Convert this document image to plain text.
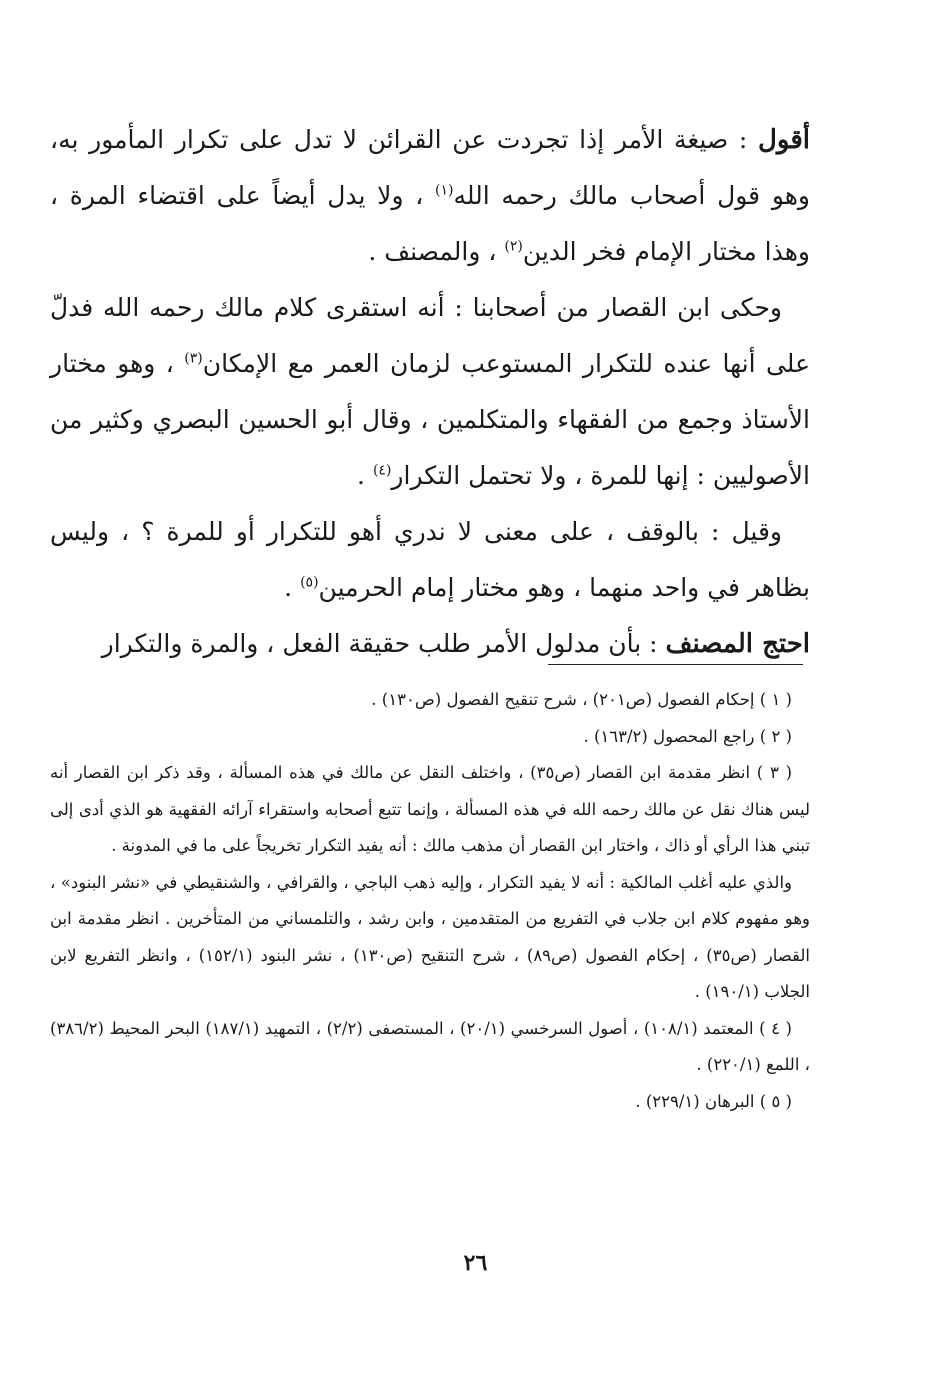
أقول : صيغة الأمر إذا تجردت عن القرائن لا تدل على تكرار المأمور به، وهو قول أصحاب مالك رحمه الله$^{(١)}$ ، ولا يدل أيضاً على اقتضاء المرة ، وهذا مختار الإمام فخر الدين$^{(٢)}$ ، والمصنف .

وحكى ابن القصار من أصحابنا : أنه استقرى كلام مالك رحمه الله فدلّ على أنها عنده للتكرار المستوعب لزمان العمر مع الإمكان$^{(٣)}$ ، وهو مختار الأستاذ وجمع من الفقهاء والمتكلمين ، وقال أبو الحسين البصري وكثير من الأصوليين : إنها للمرة ، ولا تحتمل التكرار$^{(٤)}$ .

وقيل : بالوقف ، على معنى لا ندري أهو للتكرار أو للمرة ؟ ، وليس بظاهر في واحد منهما ، وهو مختار إمام الحرمين$^{(٥)}$ .

احتج المصنف : بأن مدلول الأمر طلب حقيقة الفعل ، والمرة والتكرار

( ١ ) إحكام الفصول (ص٢٠١) ، شرح تنقيح الفصول (ص١٣٠) .

( ٢ ) راجع المحصول (١٦٣/٢) .

( ٣ ) انظر مقدمة ابن القصار (ص٣٥) ، واختلف النقل عن مالك في هذه المسألة ، وقد ذكر ابن القصار أنه ليس هناك نقل عن مالك رحمه الله في هذه المسألة ، وإنما تتبع أصحابه واستقراء آرائه الفقهية هو الذي أدى إلى تبني هذا الرأي أو ذاك ، واختار ابن القصار أن مذهب مالك : أنه يفيد التكرار تخريجاً على ما في المدونة .

والذي عليه أغلب المالكية : أنه لا يفيد التكرار ، وإليه ذهب الباجي ، والقرافي ، والشنقيطي في «نشر البنود» ، وهو مفهوم كلام ابن جلاب في التفريع من المتقدمين ، وابن رشد ، والتلمساني من المتأخرين . انظر مقدمة ابن القصار (ص٣٥) ، إحكام الفصول (ص٨٩) ، شرح التنقيح (ص١٣٠) ، نشر البنود (١٥٢/١) ، وانظر التفريع لابن الجلاب (١٩٠/١) .

( ٤ ) المعتمد (١٠٨/١) ، أصول السرخسي (٢٠/١) ، المستصفى (٢/٢) ، التمهيد (١٨٧/١) البحر المحيط (٣٨٦/٢) ، اللمع (٢٢٠/١) .

( ٥ ) البرهان (٢٢٩/١) .

٢٦
